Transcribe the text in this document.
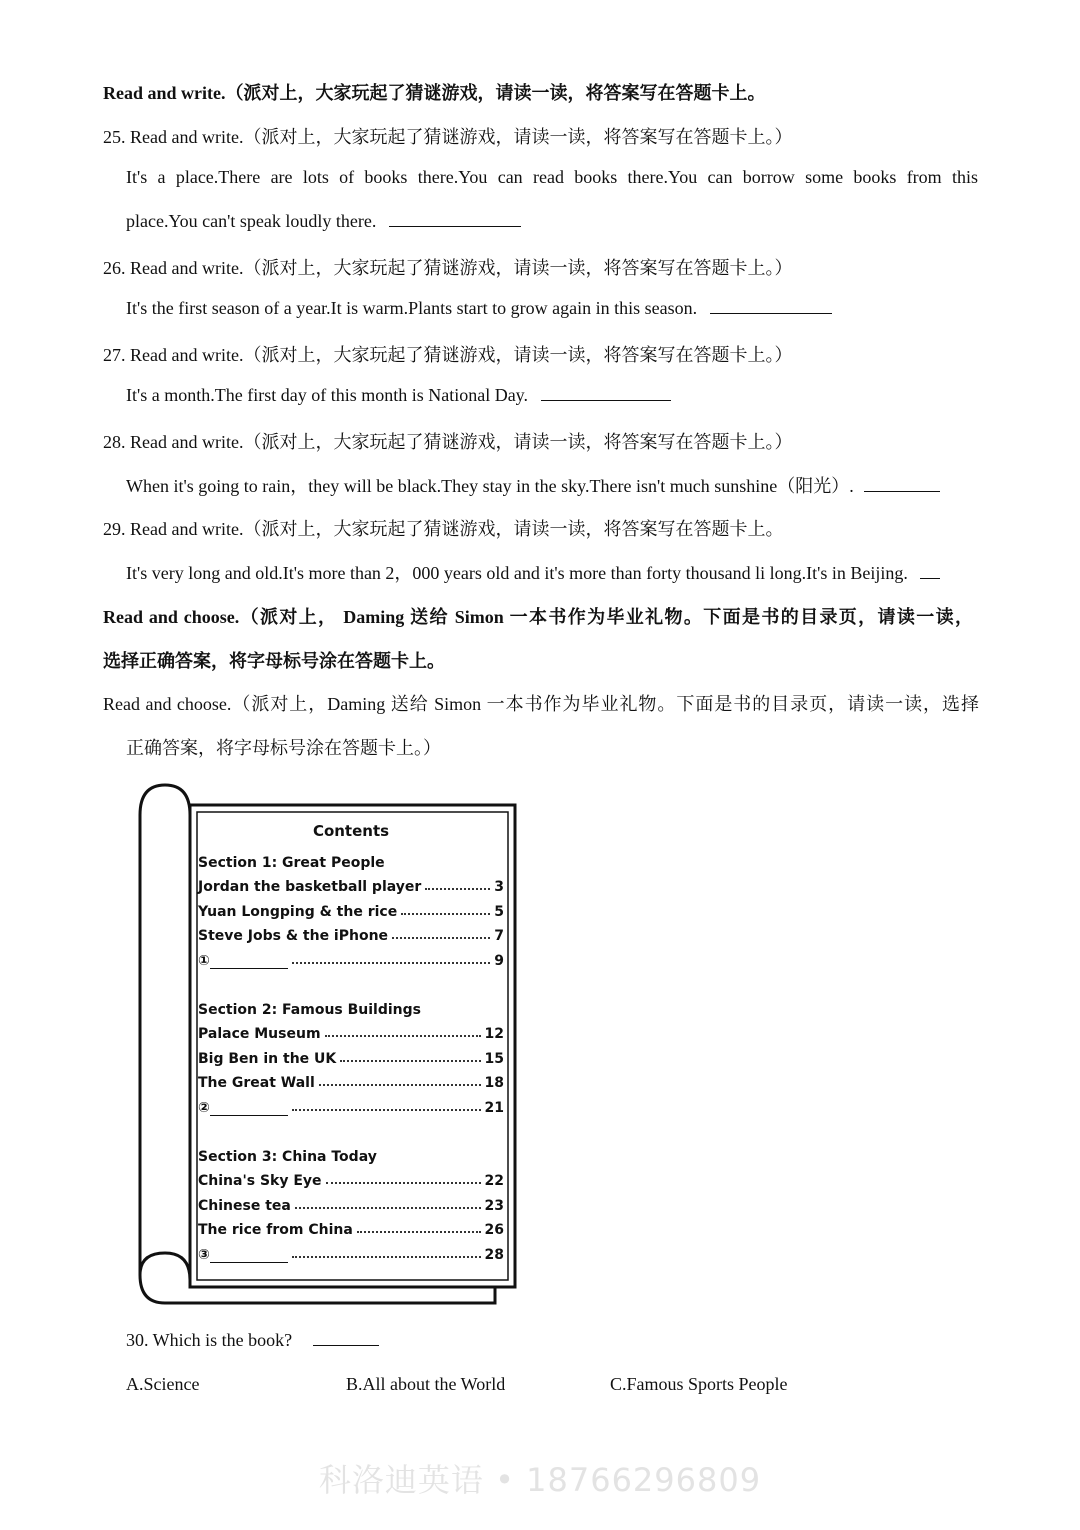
Read and write.（派对上，大家玩起了猜谜游戏，请读一读，将答案写在答题卡上。
25. Read and write.（派对上，大家玩起了猜谜游戏，请读一读，将答案写在答题卡上。）
It's a place.There are lots of books there.You can read books there.You can borrow some books from this
place.You can't speak loudly there.
26. Read and write.（派对上，大家玩起了猜谜游戏，请读一读，将答案写在答题卡上。）
It's the first season of a year.It is warm.Plants start to grow again in this season.
27. Read and write.（派对上，大家玩起了猜谜游戏，请读一读，将答案写在答题卡上。）
It's a month.The first day of this month is National Day.
28. Read and write.（派对上，大家玩起了猜谜游戏，请读一读，将答案写在答题卡上。）
When it's going to rain，they will be black.They stay in the sky.There isn't much sunshine（阳光）.
29. Read and write.（派对上，大家玩起了猜谜游戏，请读一读，将答案写在答题卡上。
It's very long and old.It's more than 2，000 years old and it's more than forty thousand li long.It's in Beijing.
Read and choose.（派对上， Daming 送给 Simon 一本书作为毕业礼物。下面是书的目录页，请读一读，
选择正确答案，将字母标号涂在答题卡上。
Read and choose.（派对上，Daming 送给 Simon 一本书作为毕业礼物。下面是书的目录页，请读一读，选择
正确答案，将字母标号涂在答题卡上。）
Contents
Section 1: Great People
Jordan the basketball player	3
Yuan Longping & the rice	5
Steve Jobs & the iPhone	7
①	9
Section 2: Famous Buildings
Palace Museum	12
Big Ben in the UK	15
The Great Wall	18
②	21
Section 3: China Today
China's Sky Eye	22
Chinese tea	23
The rice from China	26
③	28
30. Which is the book?
A.Science	B.All about the World	C.Famous Sports People
科洛迪英语 • 18766296809
